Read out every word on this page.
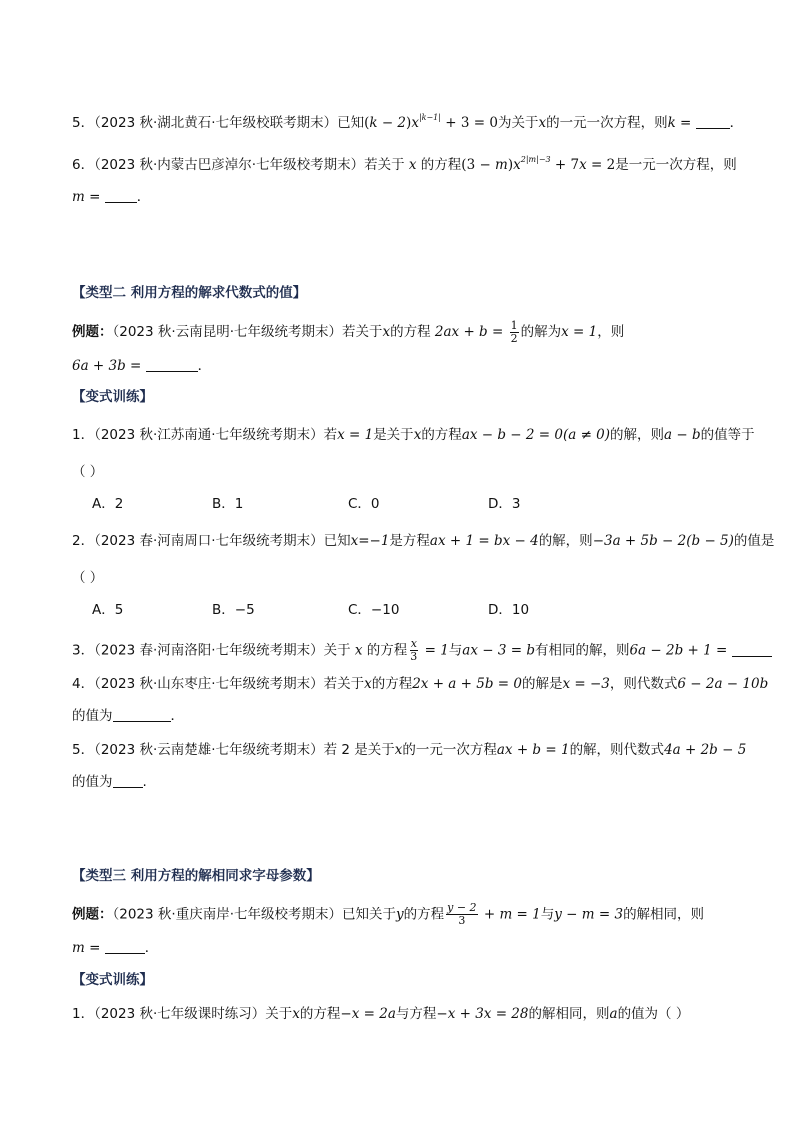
5．（2023 秋·湖北黄石·七年级校联考期末）已知$(k - 2)x^{|k-1|} + 3 = 0$为关于x的一元一次方程，则k =	．
6．（2023 秋·内蒙古巴彦淖尔·七年级校考期末）若关于 x 的方程$(3 - m)x^{2|m|-3} + 7x = 2$是一元一次方程，则
m = ．
【类型二 利用方程的解求代数式的值】
例题：（2023 秋·云南昆明·七年级统考期末）若关于x的方程 $2ax + b = \frac{1}{2}$ 的解为x = 1，则
6a + 3b =	．
【变式训练】
1．（2023 秋·江苏南通·七年级统考期末）若x = 1是关于x的方程ax − b − 2 = 0(a ≠ 0)的解，则a − b的值等于
（ ）
A．2	B．1	C．0	D．3
2．（2023 春·河南周口·七年级统考期末）已知x=−1是方程ax + 1 = bx − 4的解，则−3a + 5b − 2(b − 5)的值是
（ ）
A．5	B．−5	C．−10	D．10
3．（2023 春·河南洛阳·七年级统考期末）关于 x 的方程 $\frac{x}{3} = 1$与ax − 3 = b有相同的解，则6a − 2b + 1 =
4．（2023 秋·山东枣庄·七年级统考期末）若关于x的方程2x + a + 5b = 0的解是x = −3，则代数式6 − 2a − 10b
的值为	．
5．（2023 秋·云南楚雄·七年级统考期末）若 2 是关于x的一元一次方程ax + b = 1的解，则代数式4a + 2b − 5
的值为 .
【类型三 利用方程的解相同求字母参数】
例题：（2023 秋·重庆南岸·七年级校考期末）已知关于y的方程 $\frac{y - 2}{3} + m = 1$与y − m = 3的解相同，则
m =	．
【变式训练】
1．（2023 秋·七年级课时练习）关于x的方程−x = 2a与方程−x + 3x = 28的解相同，则a的值为（ ）
